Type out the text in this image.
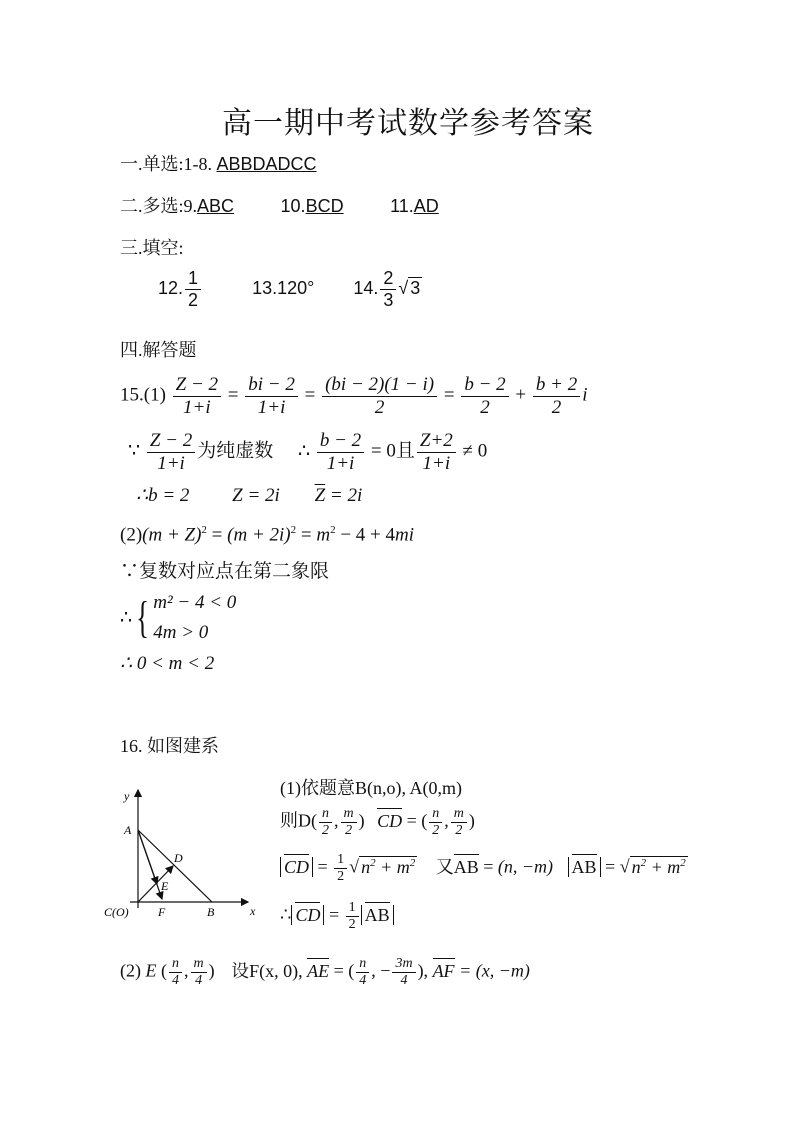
高一期中考试数学参考答案
一.单选:1-8. ABBDADCC
二.多选:9.ABC	10.BCD	11.AD
三.填空:
12. $\frac{1}{2}$	13.120° 14. $\frac{2}{3}$ √ 3
四.解答题
$15.(1) \frac{Z - 2}{1+i} = \frac{bi - 2}{1+i} = \frac{(bi - 2)(1 - i)}{2} = \frac{b - 2}{2} + \frac{b + 2}{2}$ i
∵ $\frac{Z - 2}{1+i}$ 为纯虚数 ∴ $\frac{b - 2}{1+i} = 0$且 $\frac{Z+2}{1+i} \ne 0$
∴b = 2 Z = 2i $\overline{Z} = 2i$
$(2)(m + Z)^2 = (m + 2i)^2 = m^2 - 4 + 4mi$
∵复数对应点在第二象限
∴{ m² − 4 < 0
4m > 0
∴ 0 < m < 2
16. 如图建系
y
x
A
B
C(O)
D
E
F
(1)依题意B(n,o), A(0,m)
则$D( \frac{n}{2}$ , $\frac{m}{2}$ ) CD = ( $\frac{n}{2}$ , $\frac{m}{2}$ )
CD = $\frac{1}{2}$ √ $n^2 + m^2$ 又AB = (n, −m) AB = √ $n^2 + m^2$
∴ CD = $\frac{1}{2}$ AB
(2) E ( $\frac{n}{4}$ , $\frac{m}{4}$ ) 设F(x, 0), AE = ( $\frac{n}{4}$ , − $\frac{3m}{4}$ ), AF = (x, −m)
